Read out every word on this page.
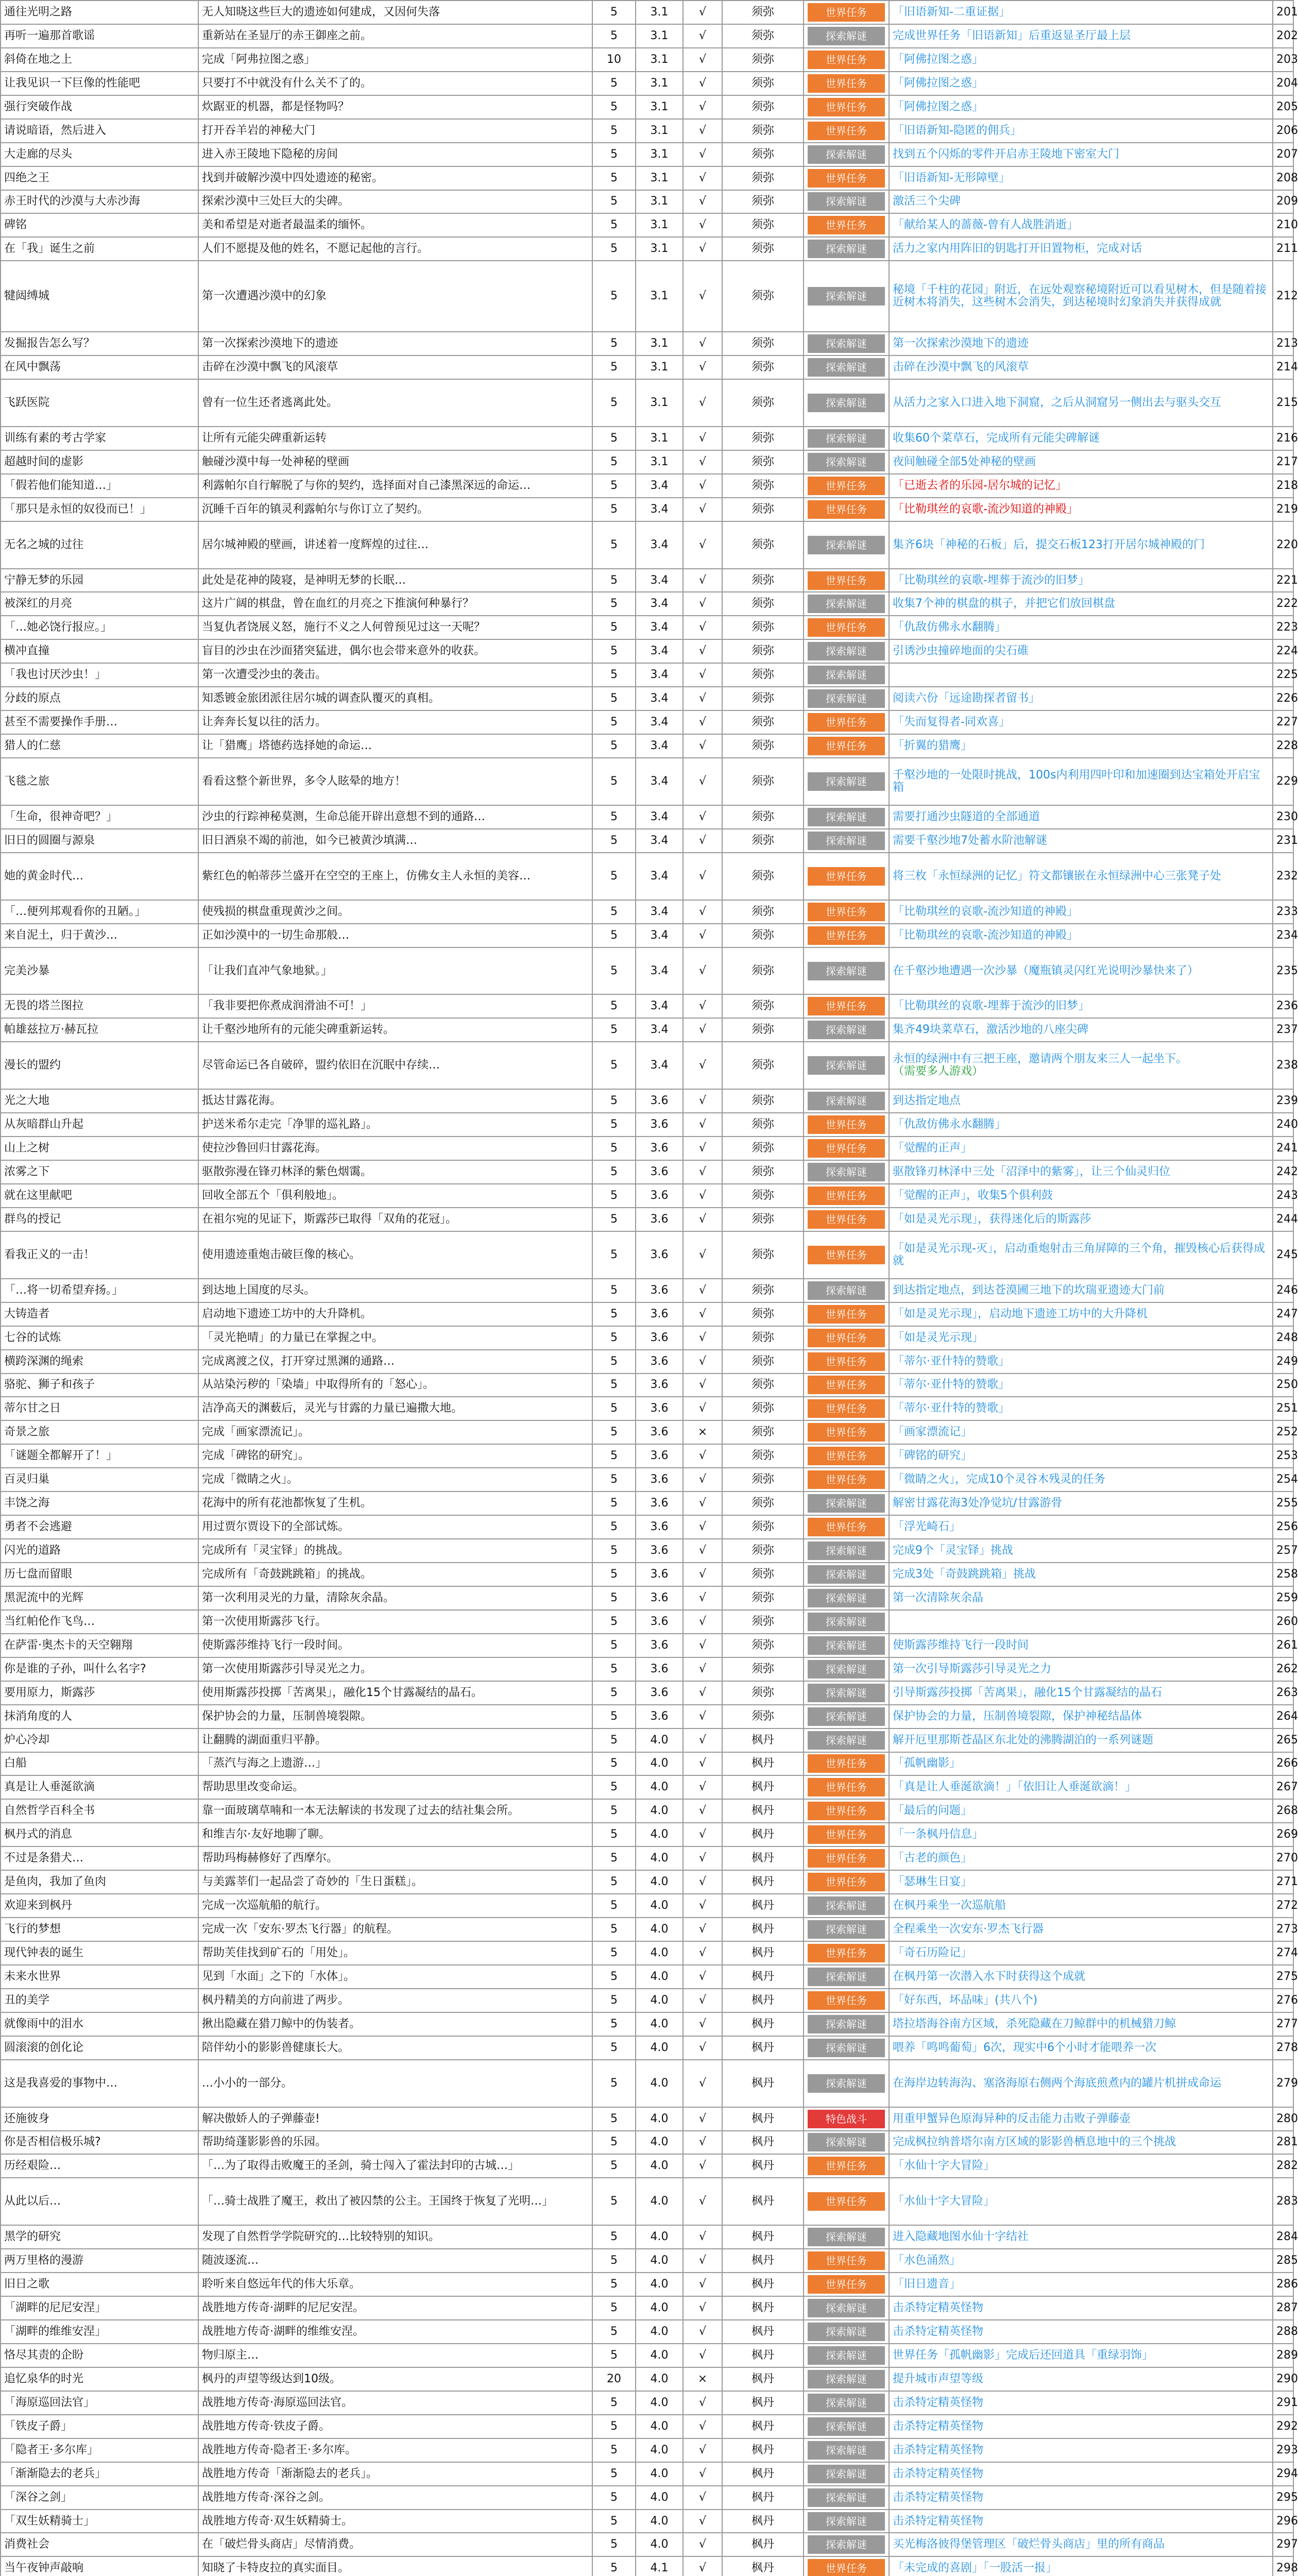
通往光明之路	无人知晓这些巨大的遗迹如何建成，又因何失落	5	3.1	√	须弥	世界任务	「旧语新知-二重证据」	201
再听一遍那首歌谣	重新站在圣显厅的赤王御座之前。	5	3.1	√	须弥	探索解谜	完成世界任务「旧语新知」后重返显圣厅最上层	202
斜倚在地之上	完成「阿弗拉图之惑」	10	3.1	√	须弥	世界任务	「阿佛拉图之惑」	203
让我见识一下巨像的性能吧	只要打不中就没有什么关不了的。	5	3.1	√	须弥	世界任务	「阿佛拉图之惑」	204
强行突破作战	炊踞亚的机器，都是怪物吗？	5	3.1	√	须弥	世界任务	「阿佛拉图之惑」	205
请说暗语，然后进入	打开吞羊岩的神秘大门	5	3.1	√	须弥	世界任务	「旧语新知-隐匿的佣兵」	206
大走廊的尽头	进入赤王陵地下隐秘的房间	5	3.1	√	须弥	探索解谜	找到五个闪烁的零件开启赤王陵地下密室大门	207
四绝之王	找到并破解沙漠中四处遗迹的秘密。	5	3.1	√	须弥	世界任务	「旧语新知-无形障壁」	208
赤王时代的沙漠与大赤沙海	探索沙漠中三处巨大的尖碑。	5	3.1	√	须弥	探索解谜	激活三个尖碑	209
碑铭	美和希望是对逝者最温柔的缅怀。	5	3.1	√	须弥	世界任务	「献给某人的蔷薇-曾有人战胜消逝」	210
在「我」诞生之前	人们不愿提及他的姓名，不愿记起他的言行。	5	3.1	√	须弥	探索解谜	活力之家内用阵旧的钥匙打开旧置物柜，完成对话	211
犍闼缚城	第一次遭遇沙漠中的幻象	5	3.1	√	须弥	探索解谜	秘境「千柱的花园」附近，在远处观察秘境附近可以看见树木，但是随着接近树木将消失，这些树木会消失，到达秘境时幻象消失并获得成就	212
发掘报告怎么写？	第一次探索沙漠地下的遗迹	5	3.1	√	须弥	探索解谜	第一次探索沙漠地下的遗迹	213
在风中飘荡	击碎在沙漠中飘飞的风滚草	5	3.1	√	须弥	探索解谜	击碎在沙漠中飘飞的风滚草	214
飞跃医院	曾有一位生还者逃离此处。	5	3.1	√	须弥	探索解谜	从活力之家入口进入地下洞窟，之后从洞窟另一侧出去与驱头交互	215
训练有素的考古学家	让所有元能尖碑重新运转	5	3.1	√	须弥	探索解谜	收集60个菜草石，完成所有元能尖碑解谜	216
超越时间的虚影	触碰沙漠中每一处神秘的壁画	5	3.1	√	须弥	探索解谜	夜间触碰全部5处神秘的壁画	217
「假若他们能知道…」	利露帕尔自行解脱了与你的契约，选择面对自己漆黑深远的命运…	5	3.4	√	须弥	世界任务	「已逝去者的乐园-居尔城的记忆」	218
「那只是永恒的奴役而已！」	沉睡千百年的镇灵利露帕尔与你订立了契约。	5	3.4	√	须弥	世界任务	「比勒琪丝的哀歌-流沙知道的神殿」	219
无名之城的过往	居尔城神殿的壁画，讲述着一度辉煌的过往…	5	3.4	√	须弥	探索解谜	集齐6块「神秘的石板」后，提交石板123打开居尔城神殿的门	220
宁静无梦的乐园	此处是花神的陵寝，是神明无梦的长眠…	5	3.4	√	须弥	世界任务	「比勒琪丝的哀歌-埋葬于流沙的旧梦」	221
被深红的月亮	这片广阔的棋盘，曾在血红的月亮之下推演何种暴行？	5	3.4	√	须弥	探索解谜	收集7个神的棋盘的棋子，并把它们放回棋盘	222
「…她必饶行报应。」	当复仇者饶展义怒，施行不义之人何曾预见过这一天呢？	5	3.4	√	须弥	世界任务	「仇敌仿佛永水翻腾」	223
横冲直撞	盲目的沙虫在沙面猪突猛进，偶尔也会带来意外的收获。	5	3.4	√	须弥	探索解谜	引诱沙虫撞碎地面的尖石碓	224
「我也讨厌沙虫！」	第一次遭受沙虫的袭击。	5	3.4	√	须弥	探索解谜		225
分歧的原点	知悉镀金旅团派往居尔城的调查队覆灭的真相。	5	3.4	√	须弥	探索解谜	阅读六份「远途勘探者留书」	226
甚至不需要操作手册…	让奔奔长复以往的活力。	5	3.4	√	须弥	世界任务	「失而复得者-同欢喜」	227
猎人的仁慈	让「猎鹰」塔德药选择她的命运…	5	3.4	√	须弥	世界任务	「折翼的猎鹰」	228
飞毯之旅	看看这整个新世界，多令人眩晕的地方！	5	3.4	√	须弥	探索解谜	千壑沙地的一处限时挑战，100s内利用四叶印和加速圈到达宝箱处开启宝箱	229
「生命，很神奇吧？」	沙虫的行踪神秘莫测，生命总能开辟出意想不到的通路…	5	3.4	√	须弥	探索解谜	需要打通沙虫隧道的全部通道	230
旧日的圆圈与源泉	旧日酒泉不竭的前池，如今已被黄沙填满…	5	3.4	√	须弥	探索解谜	需要千壑沙地7处蓄水阶池解谜	231
她的黄金时代…	紫红色的帕蒂莎兰盛开在空空的王座上，仿佛女主人永恒的美容…	5	3.4	√	须弥	世界任务	将三枚「永恒绿洲的记忆」符文都镶嵌在永恒绿洲中心三张凳子处	232
「…便列邦观看你的丑陋。」	使残损的棋盘重现黄沙之间。	5	3.4	√	须弥	世界任务	「比勒琪丝的哀歌-流沙知道的神殿」	233
来自泥土，归于黄沙…	正如沙漠中的一切生命那般…	5	3.4	√	须弥	世界任务	「比勒琪丝的哀歌-流沙知道的神殿」	234
完美沙暴	「让我们直冲气象地狱。」	5	3.4	√	须弥	探索解谜	在千壑沙地遭遇一次沙暴（魔瓶镇灵闪红光说明沙暴快来了）	235
无畏的塔兰图拉	「我非要把你煮成润滑油不可！」	5	3.4	√	须弥	世界任务	「比勒琪丝的哀歌-埋葬于流沙的旧梦」	236
帕雄兹拉万·赫瓦拉	让千壑沙地所有的元能尖碑重新运转。	5	3.4	√	须弥	探索解谜	集齐49块菜草石，激活沙地的八座尖碑	237
漫长的盟约	尽管命运已各自破碎，盟约依旧在沉眠中存续…	5	3.4	√	须弥	探索解谜	永恒的绿洲中有三把王座，邀请两个朋友来三人一起坐下。（需要多人游戏）	238
光之大地	抵达甘露花海。	5	3.6	√	须弥	探索解谜	到达指定地点	239
从灰暗群山升起	护送米希尔走完「净罪的巡礼路」。	5	3.6	√	须弥	世界任务	「仇敌仿佛永水翻腾」	240
山上之树	使拉沙鲁回归甘露花海。	5	3.6	√	须弥	世界任务	「觉醒的正声」	241
浓雾之下	驱散弥漫在锋刃林泽的紫色烟霭。	5	3.6	√	须弥	探索解谜	驱散锋刃林泽中三处「沼泽中的紫雾」，让三个仙灵归位	242
就在这里献吧	回收全部五个「俱利般地」。	5	3.6	√	须弥	世界任务	「觉醒的正声」，收集5个俱利鼓	243
群鸟的授记	在祖尔宛的见证下，斯露莎已取得「双角的花冠」。	5	3.6	√	须弥	世界任务	「如是灵光示现」，获得迷化后的斯露莎	244
看我正义的一击！	使用遗迹重炮击破巨像的核心。	5	3.6	√	须弥	世界任务	「如是灵光示现-灭」，启动重炮射击三角屏障的三个角，摧毁核心后获得成就	245
「…将一切希望弃扬。」	到达地上国度的尽头。	5	3.6	√	须弥	探索解谜	到达指定地点，到达苍漠圃三地下的坎瑞亚遗迹大门前	246
大铸造者	启动地下遗迹工坊中的大升降机。	5	3.6	√	须弥	世界任务	「如是灵光示现」，启动地下遗迹工坊中的大升降机	247
七谷的试炼	「灵光艳晴」的力量已在掌握之中。	5	3.6	√	须弥	世界任务	「如是灵光示现」	248
横跨深渊的绳索	完成离渡之仪，打开穿过黑渊的通路…	5	3.6	√	须弥	世界任务	「蒂尔·亚什特的赞歌」	249
骆驼、狮子和孩子	从站染污秽的「染墙」中取得所有的「怒心」。	5	3.6	√	须弥	世界任务	「蒂尔·亚什特的赞歌」	250
蒂尔甘之日	洁净高天的渊薮后，灵光与甘露的力量已遍撒大地。	5	3.6	√	须弥	世界任务	「蒂尔·亚什特的赞歌」	251
奇景之旅	完成「画家漂流记」。	5	3.6	×	须弥	世界任务	「画家漂流记」	252
「谜题全都解开了！」	完成「碑铭的研究」。	5	3.6	√	须弥	世界任务	「碑铭的研究」	253
百灵归巢	完成「微睛之火」。	5	3.6	√	须弥	世界任务	「微睛之火」，完成10个灵谷木残灵的任务	254
丰饶之海	花海中的所有花池都恢复了生机。	5	3.6	√	须弥	探索解谜	解密甘露花海3处净觉坑/甘露游骨	255
勇者不会逃避	用过贾尔贾设下的全部试炼。	5	3.6	√	须弥	世界任务	「浮光崎石」	256
闪光的道路	完成所有「灵宝铎」的挑战。	5	3.6	√	须弥	探索解谜	完成9个「灵宝铎」挑战	257
历七盘而留眼	完成所有「奇鼓跳跳箱」的挑战。	5	3.6	√	须弥	探索解谜	完成3处「奇鼓跳跳箱」挑战	258
黑泥流中的光辉	第一次利用灵光的力量，清除灰余晶。	5	3.6	√	须弥	探索解谜	第一次清除灰余晶	259
当红帕伦作飞鸟…	第一次使用斯露莎飞行。	5	3.6	√	须弥	探索解谜		260
在萨雷·奥杰卡的天空翱翔	使斯露莎维持飞行一段时间。	5	3.6	√	须弥	探索解谜	使斯露莎维持飞行一段时间	261
你是谁的子孙，叫什么名字?	第一次使用斯露莎引导灵光之力。	5	3.6	√	须弥	探索解谜	第一次引导斯露莎引导灵光之力	262
要用原力，斯露莎	使用斯露莎投掷「苦离果」，融化15个甘露凝结的晶石。	5	3.6	√	须弥	探索解谜	引导斯露莎投掷「苦离果」，融化15个甘露凝结的晶石	263
抹消角度的人	保护协会的力量，压制兽境裂隙。	5	3.6	√	须弥	探索解谜	保护协会的力量，压制兽境裂隙，保护神秘结晶体	264
炉心冷却	让翻腾的湖面重归平静。	5	4.0	√	枫丹	探索解谜	解开厄里那斯苍晶区东北处的沸腾湖泊的一系列谜题	265
白船	「蒸汽与海之上遗游…」	5	4.0	√	枫丹	世界任务	「孤帆幽影」	266
真是让人垂涎欲滴	帮助思里改变命运。	5	4.0	√	枫丹	世界任务	「真是让人垂涎欲滴！」「依旧让人垂涎欲滴！」	267
自然哲学百科全书	靠一面玻璃草喃和一本无法解读的书发现了过去的结社集会所。	5	4.0	√	枫丹	世界任务	「最后的问题」	268
枫丹式的消息	和维吉尔·友好地聊了聊。	5	4.0	√	枫丹	世界任务	「一条枫丹信息」	269
不过是条猎犬…	帮助玛梅赫修好了西摩尔。	5	4.0	√	枫丹	世界任务	「古老的颜色」	270
是鱼肉，我加了鱼肉	与美露莘们一起品尝了奇妙的「生日蛋糕」。	5	4.0	√	枫丹	世界任务	「瑟琳生日宴」	271
欢迎来到枫丹	完成一次巡航船的航行。	5	4.0	√	枫丹	探索解谜	在枫丹乘坐一次巡航船	272
飞行的梦想	完成一次「安东·罗杰飞行器」的航程。	5	4.0	√	枫丹	探索解谜	全程乘坐一次安东·罗杰飞行器	273
现代钟表的诞生	帮助芙佳找到矿石的「用处」。	5	4.0	√	枫丹	世界任务	「奇石历险记」	274
未来水世界	见到「水面」之下的「水体」。	5	4.0	√	枫丹	探索解谜	在枫丹第一次潜入水下时获得这个成就	275
丑的美学	枫丹精美的方向前进了两步。	5	4.0	√	枫丹	世界任务	「好东西，坏品味」(共八个)	276
就像雨中的泪水	揪出隐藏在猎刀鲸中的伪装者。	5	4.0	√	枫丹	探索解谜	塔拉塔海谷南方区域，杀死隐藏在刀鲸群中的机械猎刀鲸	277
圆滚滚的创化论	陪伴幼小的影影兽健康长大。	5	4.0	√	枫丹	探索解谜	喂养「鸣鸣葡萄」6次，现实中6个小时才能喂养一次	278
这是我喜爱的事物中…	…小小的一部分。	5	4.0	√	枫丹	探索解谜	在海岸边转海沟、塞洛海原右侧两个海底煎煮内的罐片机拼成命运	279
还施彼身	解决傲娇人的子弹藤壶!	5	4.0	√	枫丹	特色战斗	用重甲蟹异色原海异种的反击能力击败子弹藤壶	280
你是否相信极乐城?	帮助绮蓬影影兽的乐园。	5	4.0	√	枫丹	探索解谜	完成枫拉纳普塔尔南方区域的影影兽栖息地中的三个挑战	281
历经艰险…	「…为了取得击败魔王的圣剑，骑士闯入了霍法封印的古城…」	5	4.0	√	枫丹	世界任务	「水仙十字大冒险」	282
从此以后…	「…骑士战胜了魔王，救出了被囚禁的公主。王国终于恢复了光明…」	5	4.0	√	枫丹	世界任务	「水仙十字大冒险」	283
黑学的研究	发现了自然哲学学院研究的…比较特别的知识。	5	4.0	√	枫丹	探索解谜	进入隐藏地图水仙十字结社	284
两万里格的漫游	随波逐流…	5	4.0	√	枫丹	世界任务	「水色涌熬」	285
旧日之歌	聆听来自悠远年代的伟大乐章。	5	4.0	√	枫丹	世界任务	「旧日遗音」	286
「湖畔的尼尼安涅」	战胜地方传奇·湖畔的尼尼安涅。	5	4.0	√	枫丹	探索解谜	击杀特定精英怪物	287
「湖畔的维维安涅」	战胜地方传奇·湖畔的维维安涅。	5	4.0	√	枫丹	探索解谜	击杀特定精英怪物	288
恪尽其责的企盼	物归原主…	5	4.0	√	枫丹	探索解谜	世界任务「孤帆幽影」完成后还回道具「重绿羽饰」	289
追忆泉华的时光	枫丹的声望等级达到10级。	20	4.0	×	枫丹	探索解谜	提升城市声望等级	290
「海原巡回法官」	战胜地方传奇·海原巡回法官。	5	4.0	√	枫丹	探索解谜	击杀特定精英怪物	291
「铁皮子爵」	战胜地方传奇·铁皮子爵。	5	4.0	√	枫丹	探索解谜	击杀特定精英怪物	292
「隐者王·多尔库」	战胜地方传奇·隐者王·多尔库。	5	4.0	√	枫丹	探索解谜	击杀特定精英怪物	293
「渐渐隐去的老兵」	战胜地方传奇「渐渐隐去的老兵」。	5	4.0	√	枫丹	探索解谜	击杀特定精英怪物	294
「深谷之剑」	战胜地方传奇·深谷之剑。	5	4.0	√	枫丹	探索解谜	击杀特定精英怪物	295
「双生妖精骑士」	战胜地方传奇·双生妖精骑士。	5	4.0	√	枫丹	探索解谜	击杀特定精英怪物	296
消费社会	在「破烂骨头商店」尽情消费。	5	4.0	√	枫丹	探索解谜	买光梅洛彼得堡管理区「破烂骨头商店」里的所有商品	297
当午夜钟声敲响	知晓了卡特皮拉的真实面目。	5	4.1	√	枫丹	世界任务	「未完成的喜剧」「一股活一报」	298
